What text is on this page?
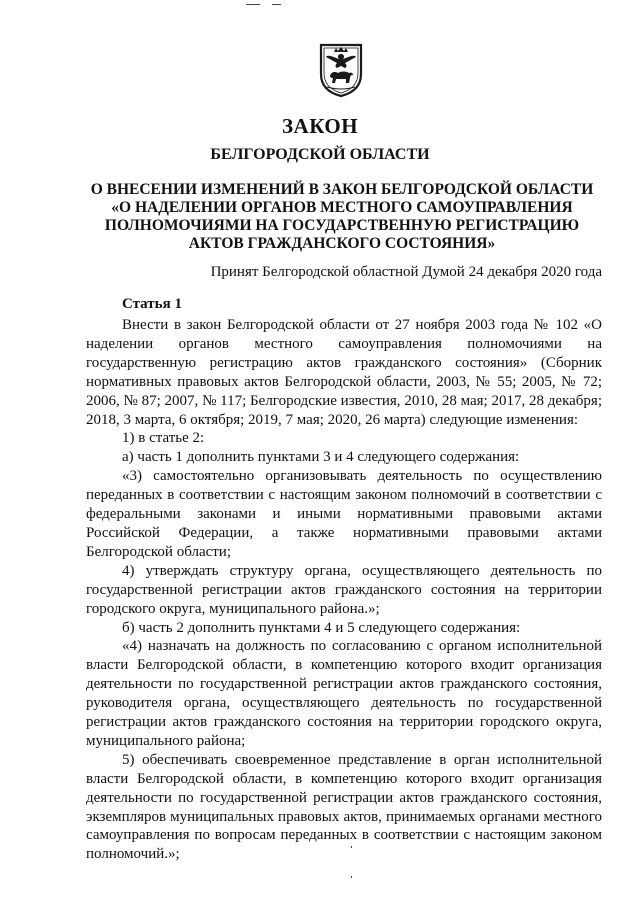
ЗАКОН
БЕЛГОРОДСКОЙ ОБЛАСТИ
О ВНЕСЕНИИ ИЗМЕНЕНИЙ В ЗАКОН БЕЛГОРОДСКОЙ ОБЛАСТИ
«О НАДЕЛЕНИИ ОРГАНОВ МЕСТНОГО САМОУПРАВЛЕНИЯ
ПОЛНОМОЧИЯМИ НА ГОСУДАРСТВЕННУЮ РЕГИСТРАЦИЮ
АКТОВ ГРАЖДАНСКОГО СОСТОЯНИЯ»
Принят Белгородской областной Думой 24 декабря 2020 года
Статья 1

Внести в закон Белгородской области от 27 ноября 2003 года № 102 «О наделении органов местного самоуправления полномочиями на государственную регистрацию актов гражданского состояния» (Сборник нормативных правовых актов Белгородской области, 2003, № 55; 2005, № 72; 2006, № 87; 2007, № 117; Белгородские известия, 2010, 28 мая; 2017, 28 декабря; 2018, 3 марта, 6 октября; 2019, 7 мая; 2020, 26 марта) следующие изменения:

1) в статье 2:

а) часть 1 дополнить пунктами 3 и 4 следующего содержания:

«3) самостоятельно организовывать деятельность по осуществлению переданных в соответствии с настоящим законом полномочий в соответствии с федеральными законами и иными нормативными правовыми актами Российской Федерации, а также нормативными правовыми актами Белгородской области;

4) утверждать структуру органа, осуществляющего деятельность по государственной регистрации актов гражданского состояния на территории городского округа, муниципального района.»;

б) часть 2 дополнить пунктами 4 и 5 следующего содержания:

«4) назначать на должность по согласованию с органом исполнительной власти Белгородской области, в компетенцию которого входит организация деятельности по государственной регистрации актов гражданского состояния, руководителя органа, осуществляющего деятельность по государственной регистрации актов гражданского состояния на территории городского округа, муниципального района;

5) обеспечивать своевременное представление в орган исполнительной власти Белгородской области, в компетенцию которого входит организация деятельности по государственной регистрации актов гражданского состояния, экземпляров муниципальных правовых актов, принимаемых органами местного самоуправления по вопросам переданных в соответствии с настоящим законом полномочий.»;
